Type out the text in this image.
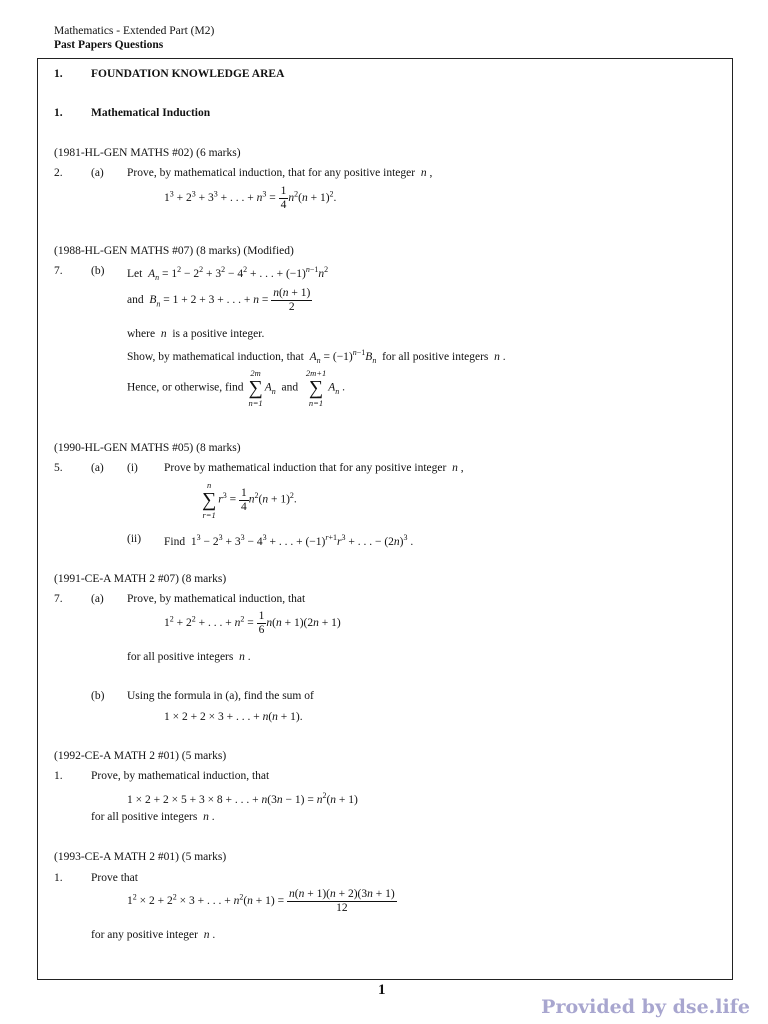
Mathematics - Extended Part (M2)
Past Papers Questions
1. FOUNDATION KNOWLEDGE AREA
1. Mathematical Induction
(1981-HL-GEN MATHS #02) (6 marks)
2. (a) Prove, by mathematical induction, that for any positive integer n ,
$1^3 + 2^3 + 3^3$ + . . . + $n^3 = \frac{1}{4} n^2(n + 1)^2$.
(1988-HL-GEN MATHS #07) (8 marks) (Modified)
7. (b) Let $A_n = 1^2 - 2^2 + 3^2 - 4^2$ + . . . + $(-1)^{n-1}n^2$
and $B_n = 1 + 2 + 3$ + . . . + $n = \frac{n(n + 1)}{2}$
where n is a positive integer.
Show, by mathematical induction, that $A_n = (-1)^{n-1}B_n$ for all positive integers n .
Hence, or otherwise, find
2m
∑
n=1
$A_n$ and
2m+1
∑
n=1
$A_n$ .
(1990-HL-GEN MATHS #05) (8 marks)
5. (a) (i) Prove by mathematical induction that for any positive integer n ,
n
∑
r=1
$r^3 = \frac{1}{4} n^2(n + 1)^2$.
(ii) Find  $1^3 - 2^3 + 3^3 - 4^3$ + . . . + $(-1)^{r+1}r^3$ + . . . − $(2n)^3$ .
(1991-CE-A MATH 2 #07) (8 marks)
7. (a) Prove, by mathematical induction, that
$1^2 + 2^2$ + . . . + $n^2 = \frac{1}{6} n(n + 1)(2n + 1)$
for all positive integers n .
(b) Using the formula in (a), find the sum of
1 × 2 + 2 × 3 + . . . + n(n + 1).
(1992-CE-A MATH 2 #01) (5 marks)
1. Prove, by mathematical induction, that
1 × 2 + 2 × 5 + 3 × 8 + . . . + $n(3n - 1) = n^2(n + 1)$
for all positive integers n .
(1993-CE-A MATH 2 #01) (5 marks)
1. Prove that
$1^2 \times 2 + 2^2 \times 3$ + . . . + $n^2(n + 1) = \frac{n(n + 1)(n + 2)(3n + 1)}{12}$
for any positive integer n .
1
Provided by dse.life
